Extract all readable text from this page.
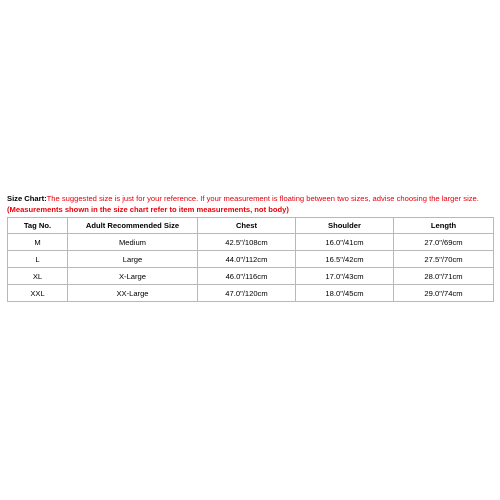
Size Chart:The suggested size is just for your reference. If your measurement is floating between two sizes, advise choosing the larger size. (Measurements shown in the size chart refer to item measurements, not body)

Tag No.	Adult Recommended Size	Chest	Shoulder	Length
M	Medium	42.5"/108cm	16.0"/41cm	27.0"/69cm
L	Large	44.0"/112cm	16.5"/42cm	27.5"/70cm
XL	X-Large	46.0"/116cm	17.0"/43cm	28.0"/71cm
XXL	XX-Large	47.0"/120cm	18.0"/45cm	29.0"/74cm
